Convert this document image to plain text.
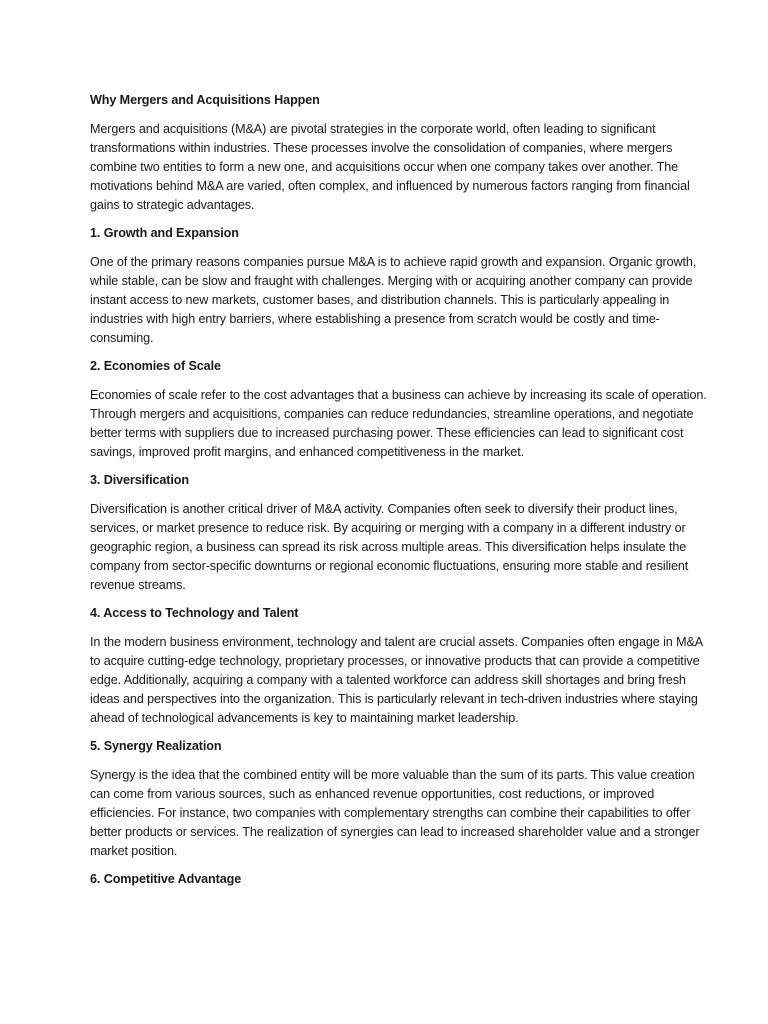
Why Mergers and Acquisitions Happen

Mergers and acquisitions (M&A) are pivotal strategies in the corporate world, often leading to significant transformations within industries. These processes involve the consolidation of companies, where mergers combine two entities to form a new one, and acquisitions occur when one company takes over another. The motivations behind M&A are varied, often complex, and influenced by numerous factors ranging from financial gains to strategic advantages.

1. Growth and Expansion

One of the primary reasons companies pursue M&A is to achieve rapid growth and expansion. Organic growth, while stable, can be slow and fraught with challenges. Merging with or acquiring another company can provide instant access to new markets, customer bases, and distribution channels. This is particularly appealing in industries with high entry barriers, where establishing a presence from scratch would be costly and time-consuming.

2. Economies of Scale

Economies of scale refer to the cost advantages that a business can achieve by increasing its scale of operation. Through mergers and acquisitions, companies can reduce redundancies, streamline operations, and negotiate better terms with suppliers due to increased purchasing power. These efficiencies can lead to significant cost savings, improved profit margins, and enhanced competitiveness in the market.

3. Diversification

Diversification is another critical driver of M&A activity. Companies often seek to diversify their product lines, services, or market presence to reduce risk. By acquiring or merging with a company in a different industry or geographic region, a business can spread its risk across multiple areas. This diversification helps insulate the company from sector-specific downturns or regional economic fluctuations, ensuring more stable and resilient revenue streams.

4. Access to Technology and Talent

In the modern business environment, technology and talent are crucial assets. Companies often engage in M&A to acquire cutting-edge technology, proprietary processes, or innovative products that can provide a competitive edge. Additionally, acquiring a company with a talented workforce can address skill shortages and bring fresh ideas and perspectives into the organization. This is particularly relevant in tech-driven industries where staying ahead of technological advancements is key to maintaining market leadership.

5. Synergy Realization

Synergy is the idea that the combined entity will be more valuable than the sum of its parts. This value creation can come from various sources, such as enhanced revenue opportunities, cost reductions, or improved efficiencies. For instance, two companies with complementary strengths can combine their capabilities to offer better products or services. The realization of synergies can lead to increased shareholder value and a stronger market position.

6. Competitive Advantage
